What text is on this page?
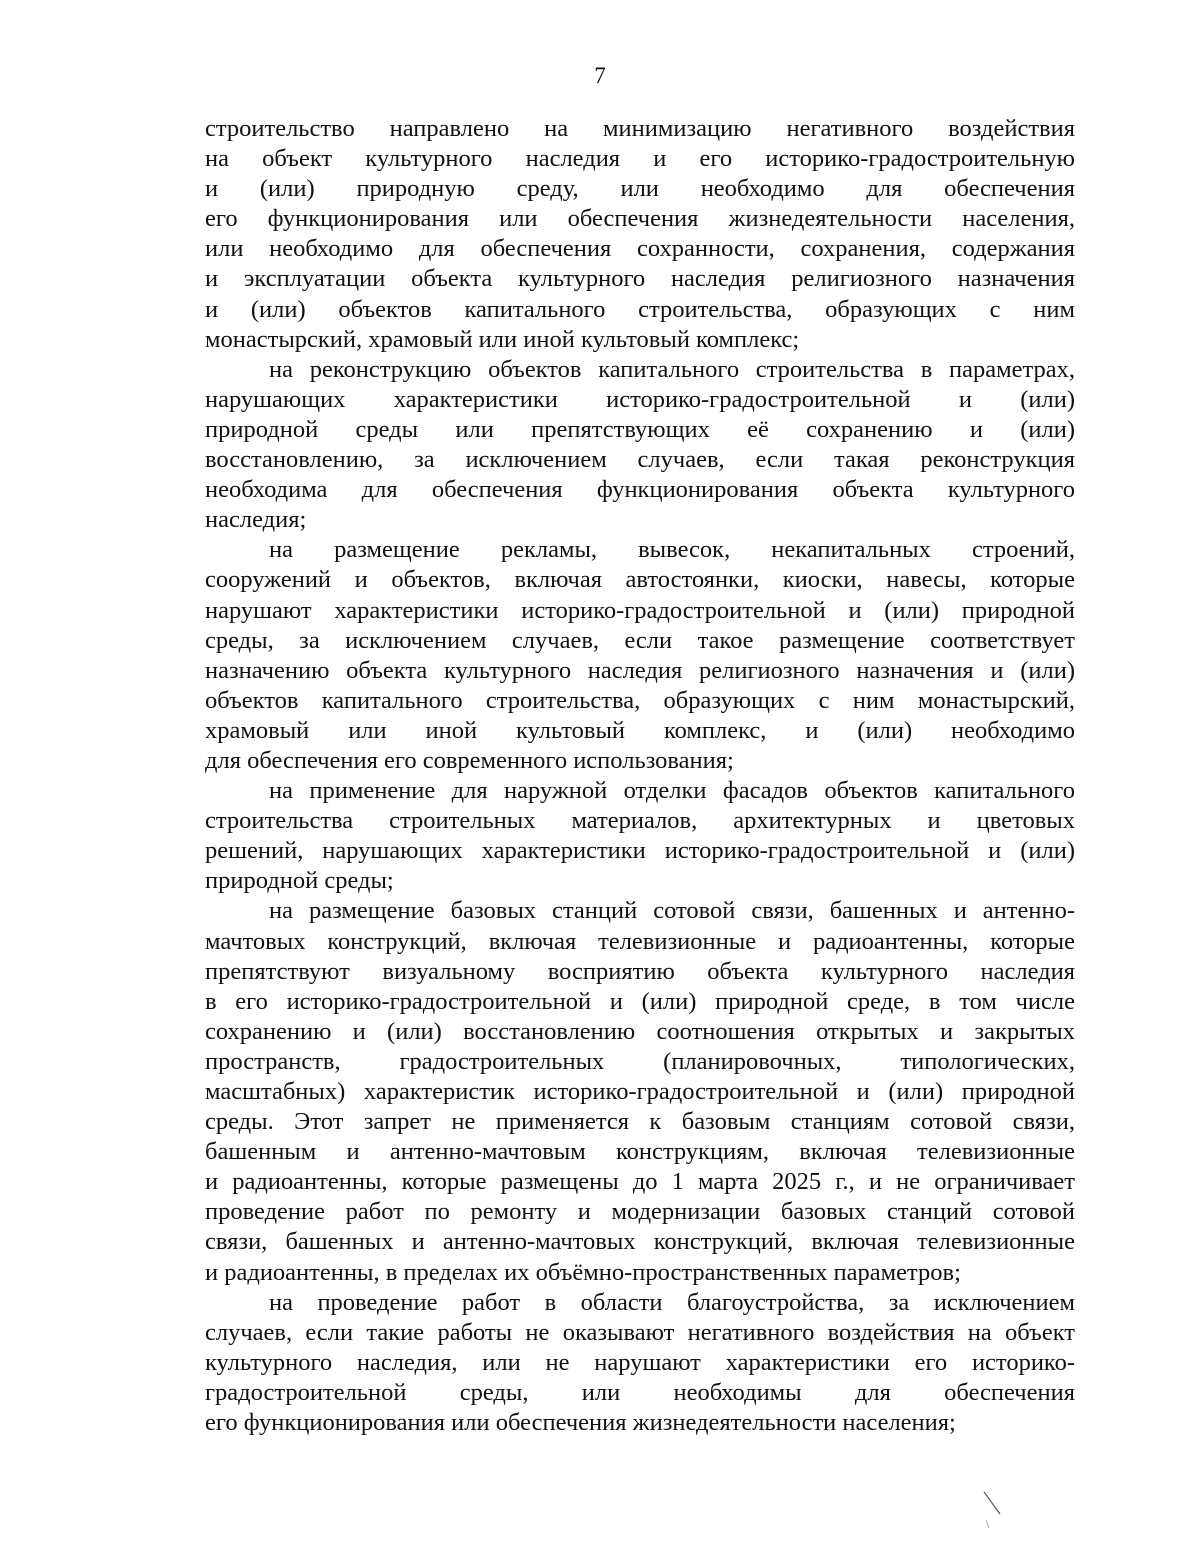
7
строительство направлено на минимизацию негативного воздействия
на объект культурного наследия и его историко-градостроительную
и (или) природную среду, или необходимо для обеспечения
его функционирования или обеспечения жизнедеятельности населения,
или необходимо для обеспечения сохранности, сохранения, содержания
и эксплуатации объекта культурного наследия религиозного назначения
и (или) объектов капитального строительства, образующих с ним
монастырский, храмовый или иной культовый комплекс;
на реконструкцию объектов капитального строительства в параметрах,
нарушающих характеристики историко-градостроительной и (или)
природной среды или препятствующих её сохранению и (или)
восстановлению, за исключением случаев, если такая реконструкция
необходима для обеспечения функционирования объекта культурного
наследия;
на размещение рекламы, вывесок, некапитальных строений,
сооружений и объектов, включая автостоянки, киоски, навесы, которые
нарушают характеристики историко-градостроительной и (или) природной
среды, за исключением случаев, если такое размещение соответствует
назначению объекта культурного наследия религиозного назначения и (или)
объектов капитального строительства, образующих с ним монастырский,
храмовый или иной культовый комплекс, и (или) необходимо
для обеспечения его современного использования;
на применение для наружной отделки фасадов объектов капитального
строительства строительных материалов, архитектурных и цветовых
решений, нарушающих характеристики историко-градостроительной и (или)
природной среды;
на размещение базовых станций сотовой связи, башенных и антенно-
мачтовых конструкций, включая телевизионные и радиоантенны, которые
препятствуют визуальному восприятию объекта культурного наследия
в его историко-градостроительной и (или) природной среде, в том числе
сохранению и (или) восстановлению соотношения открытых и закрытых
пространств, градостроительных (планировочных, типологических,
масштабных) характеристик историко-градостроительной и (или) природной
среды. Этот запрет не применяется к базовым станциям сотовой связи,
башенным и антенно-мачтовым конструкциям, включая телевизионные
и радиоантенны, которые размещены до 1 марта 2025 г., и не ограничивает
проведение работ по ремонту и модернизации базовых станций сотовой
связи, башенных и антенно-мачтовых конструкций, включая телевизионные
и радиоантенны, в пределах их объёмно-пространственных параметров;
на проведение работ в области благоустройства, за исключением
случаев, если такие работы не оказывают негативного воздействия на объект
культурного наследия, или не нарушают характеристики его историко-
градостроительной среды, или необходимы для обеспечения
его функционирования или обеспечения жизнедеятельности населения;
